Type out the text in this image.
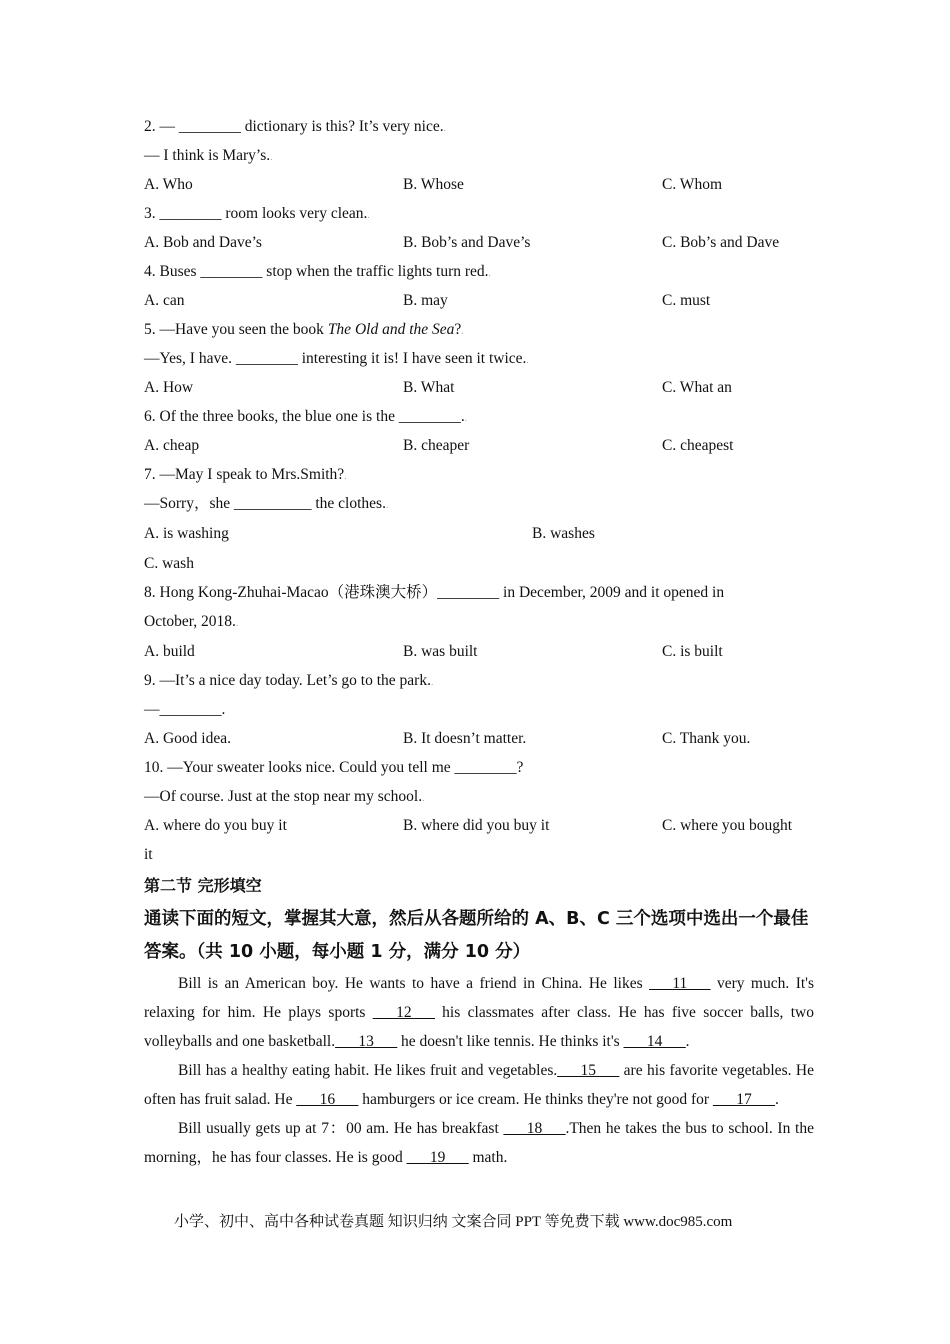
2. — ________ dictionary is this? It’s very nice..
— I think is Mary’s..
A. Who	B. Whose	C. Whom
3. ________ room looks very clean..
A. Bob and Dave’s	B. Bob’s and Dave’s	C. Bob’s and Dave
4. Buses ________ stop when the traffic lights turn red..
A. can	B. may	C. must
5. —Have you seen the book The Old and the Sea?.
—Yes, I have. ________ interesting it is! I have seen it twice..
A. How	B. What	C. What an
6. Of the three books, the blue one is the ________..
A. cheap	B. cheaper	C. cheapest
7. —May I speak to Mrs.Smith?.
—Sorry，she __________ the clothes..
A. is washing	B. washes
C. wash
8. Hong Kong-Zhuhai-Macao（港珠澳大桥）________ in December, 2009 and it opened in
October, 2018..
A. build	B. was built	C. is built
9. —It’s a nice day today. Let’s go to the park..
—________.
A. Good idea.	B. It doesn’t matter.	C. Thank you.
10. —Your sweater looks nice. Could you tell me ________?
—Of course. Just at the stop near my school..
A. where do you buy it	B. where did you buy it	C. where you bought
it
第二节 完形填空
通读下面的短文，掌握其大意，然后从各题所给的 A、B、C 三个选项中选出一个最佳答案。（共 10 小题，每小题 1 分，满分 10 分）
Bill is an American boy. He wants to have a friend in China. He likes ___11___ very much. It's relaxing for him. He plays sports ___12___ his classmates after class. He has five soccer balls, two volleyballs and one basketball.___13___ he doesn't like tennis. He thinks it's ___14___.
Bill has a healthy eating habit. He likes fruit and vegetables.___15___ are his favorite vegetables. He often has fruit salad. He ___16___ hamburgers or ice cream. He thinks they're not good for ___17___.
Bill usually gets up at 7：00 am. He has breakfast ___18___.Then he takes the bus to school. In the morning，he has four classes. He is good ___19___ math.
小学、初中、高中各种试卷真题 知识归纳 文案合同 PPT 等免费下载 www.doc985.com
